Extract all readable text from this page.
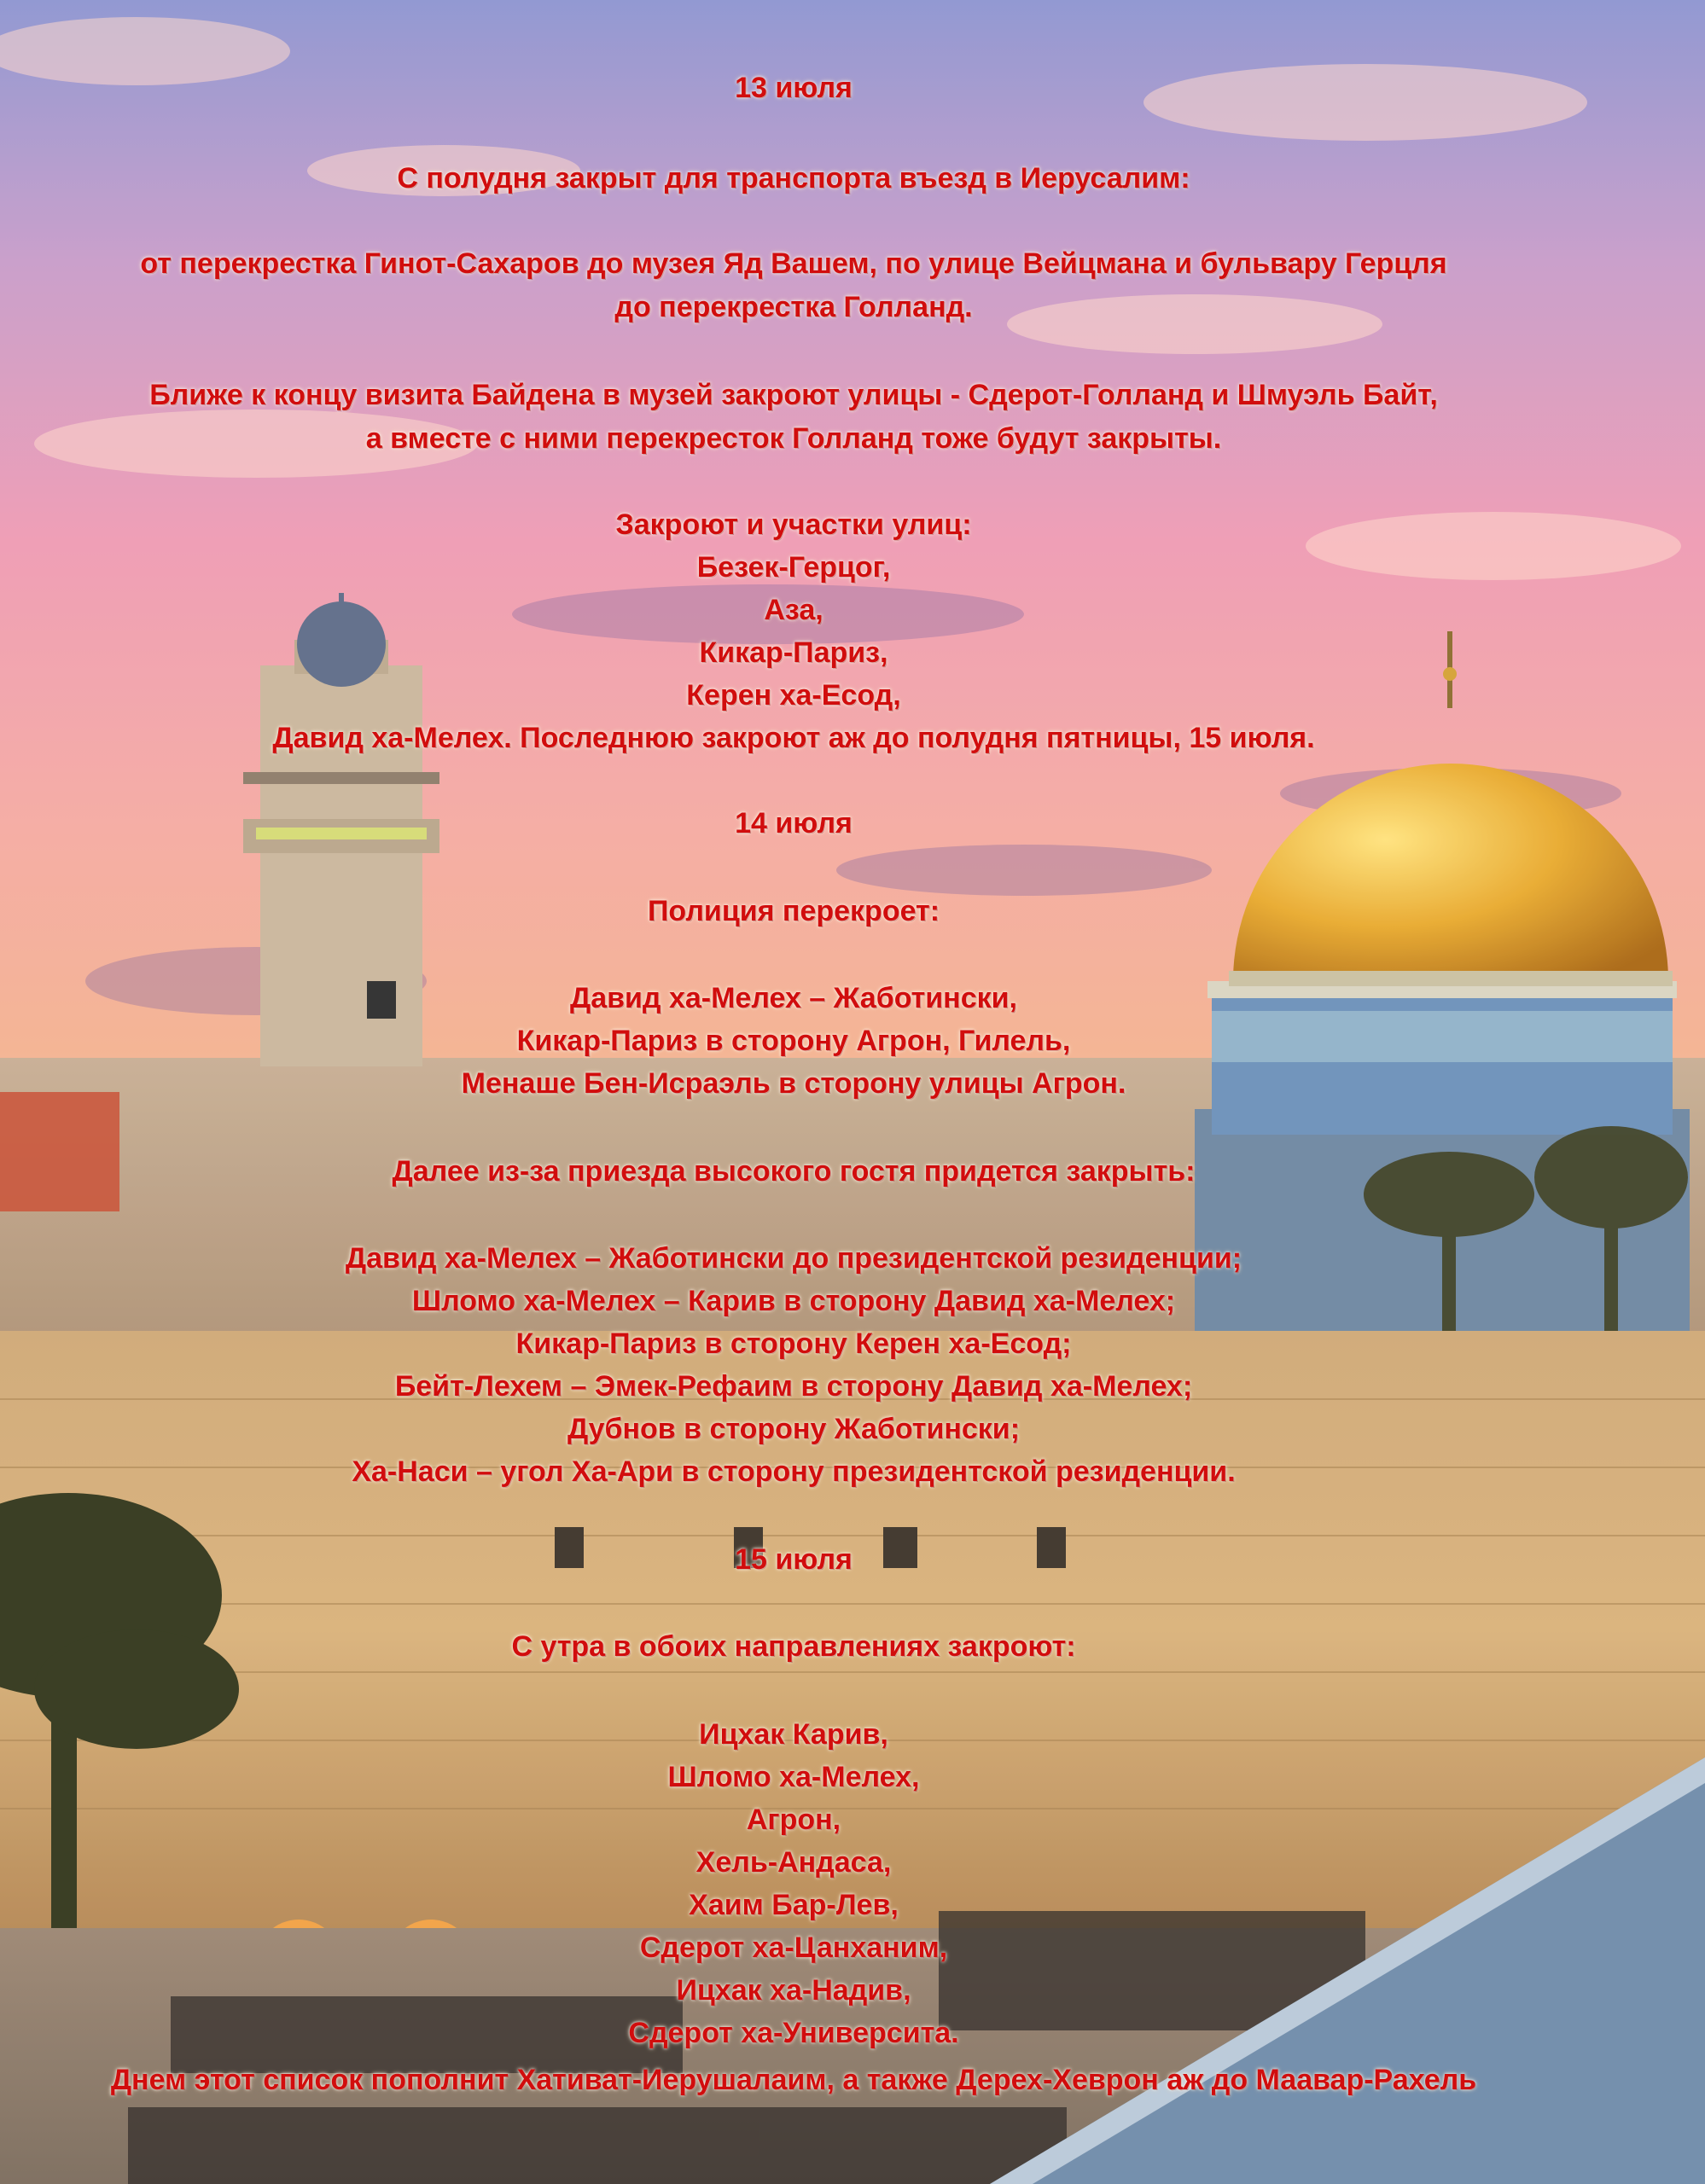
13 июля
С полудня закрыт для транспорта въезд в Иерусалим:
от перекрестка Гинот-Сахаров до музея Яд Вашем, по улице Вейцмана и бульвару Герцля
до перекрестка Голланд.
Ближе к концу визита Байдена в музей закроют улицы - Сдерот-Голланд и Шмуэль Байт,
а вместе с ними перекресток Голланд тоже будут закрыты.
Закроют и участки улиц:
Безек-Герцог,
Аза,
Кикар-Париз,
Керен ха-Есод,
Давид ха-Мелех. Последнюю закроют аж до полудня пятницы, 15 июля.
14 июля
Полиция перекроет:
Давид ха-Мелех – Жаботински,
Кикар-Париз в сторону Агрон, Гилель,
Менаше Бен-Исраэль в сторону улицы Агрон.
Далее из-за приезда высокого гостя придется закрыть:
Давид ха-Мелех – Жаботински до президентской резиденции;
Шломо ха-Мелех – Карив в сторону Давид ха-Мелех;
Кикар-Париз в сторону Керен ха-Есод;
Бейт-Лехем – Эмек-Рефаим в сторону Давид ха-Мелех;
Дубнов в сторону Жаботински;
Ха-Наси – угол Ха-Ари в сторону президентской резиденции.
15 июля
С утра в обоих направлениях закроют:
Ицхак Карив,
Шломо ха-Мелех,
Агрон,
Хель-Андаса,
Хаим Бар-Лев,
Сдерот ха-Цанханим,
Ицхак ха-Надив,
Сдерот ха-Университа.
Днем этот список пополнит Хативат-Иерушалаим, а также Дерех-Хеврон аж до Маавар-Рахель
